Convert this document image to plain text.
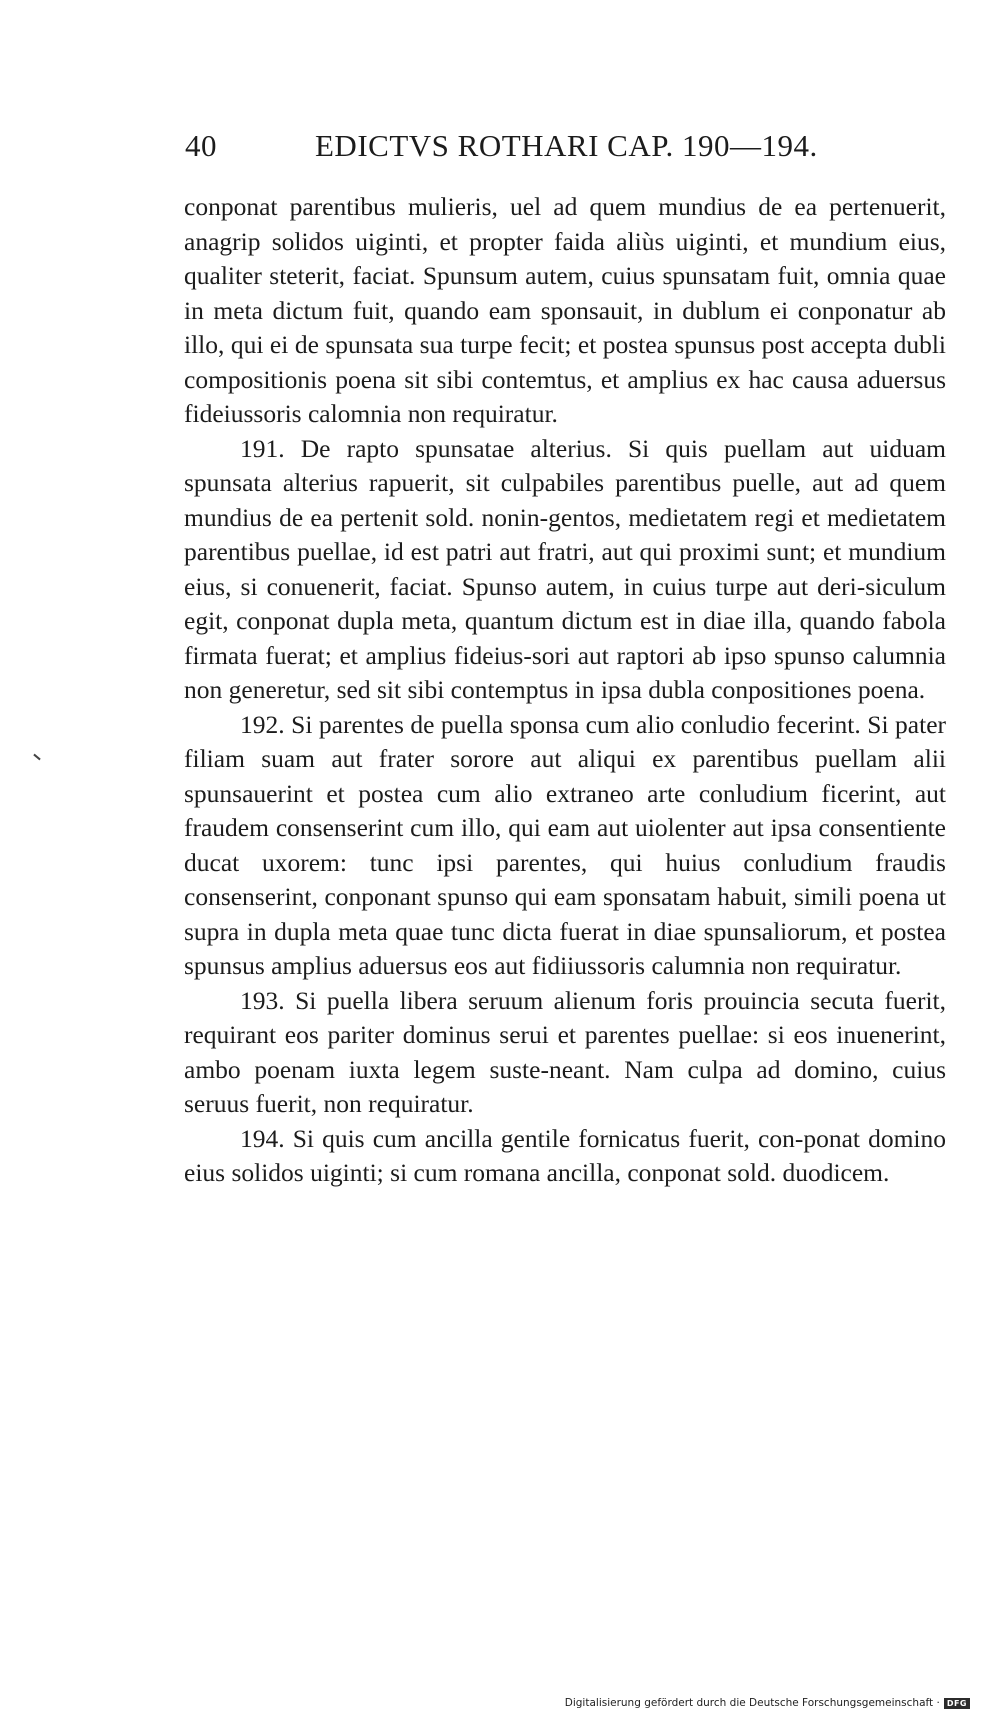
40	EDICTVS ROTHARI CAP. 190—194.

conponat parentibus mulieris, uel ad quem mundius de ea pertenuerit, anagrip solidos uiginti, et propter faida aliùs uiginti, et mundium eius, qualiter steterit, faciat. Spunsum autem, cuius spunsatam fuit, omnia quae in meta dictum fuit, quando eam sponsauit, in dublum ei conponatur ab illo, qui ei de spunsata sua turpe fecit; et postea spunsus post accepta dubli compositionis poena sit sibi contemtus, et amplius ex hac causa aduersus fideiussoris calomnia non requiratur.

191. De rapto spunsatae alterius. Si quis puellam aut uiduam spunsata alterius rapuerit, sit culpabiles parentibus puelle, aut ad quem mundius de ea pertenit sold. nonin-gentos, medietatem regi et medietatem parentibus puellae, id est patri aut fratri, aut qui proximi sunt; et mundium eius, si conuenerit, faciat. Spunso autem, in cuius turpe aut deri-siculum egit, conponat dupla meta, quantum dictum est in diae illa, quando fabola firmata fuerat; et amplius fideius-sori aut raptori ab ipso spunso calumnia non generetur, sed sit sibi contemptus in ipsa dubla conpositiones poena.

192. Si parentes de puella sponsa cum alio conludio fecerint. Si pater filiam suam aut frater sorore aut aliqui ex parentibus puellam alii spunsauerint et postea cum alio extraneo arte conludium ficerint, aut fraudem consenserint cum illo, qui eam aut uiolenter aut ipsa consentiente ducat uxorem: tunc ipsi parentes, qui huius conludium fraudis consenserint, conponant spunso qui eam sponsatam habuit, simili poena ut supra in dupla meta quae tunc dicta fuerat in diae spunsaliorum, et postea spunsus amplius aduersus eos aut fidiiussoris calumnia non requiratur.

193. Si puella libera seruum alienum foris prouincia secuta fuerit, requirant eos pariter dominus serui et parentes puellae: si eos inuenerint, ambo poenam iuxta legem suste-neant. Nam culpa ad domino, cuius seruus fuerit, non requiratur.

194. Si quis cum ancilla gentile fornicatus fuerit, con-ponat domino eius solidos uiginti; si cum romana ancilla, conponat sold. duodicem.

Digitalisierung gefördert durch die Deutsche Forschungsgemeinschaft · DFG
